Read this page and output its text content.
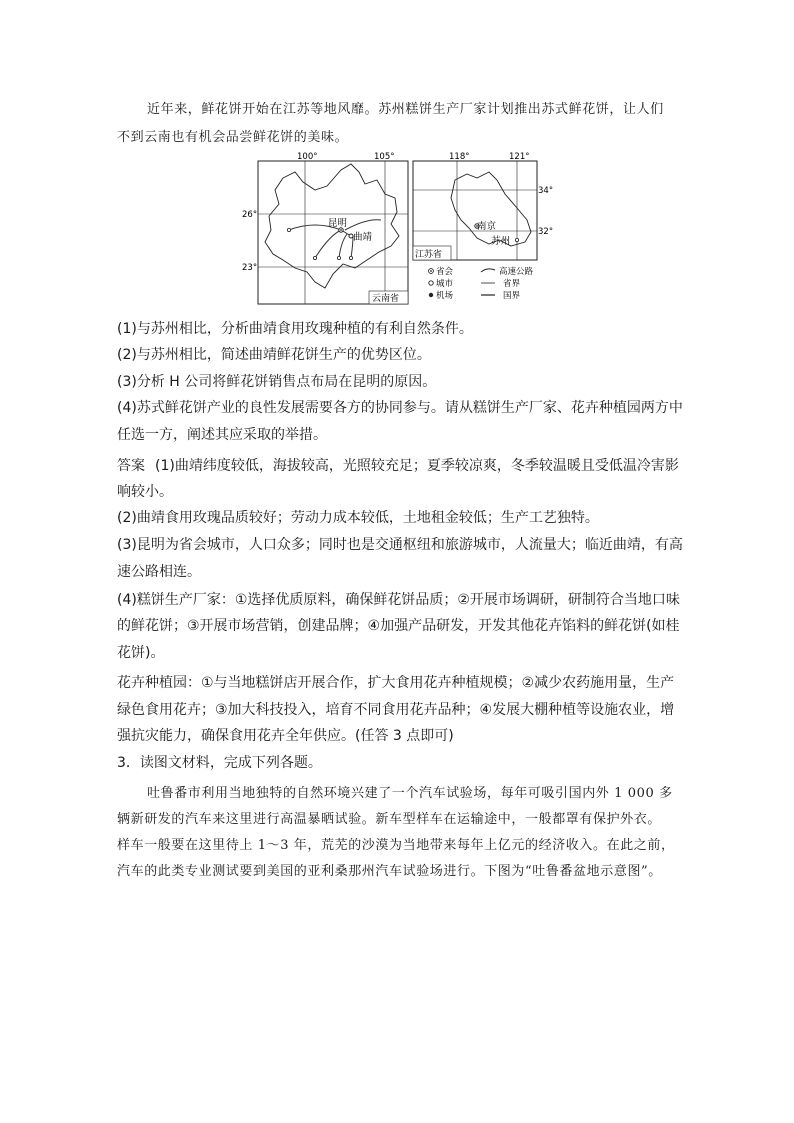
近年来，鲜花饼开始在江苏等地风靡。苏州糕饼生产厂家计划推出苏式鲜花饼，让人们
不到云南也有机会品尝鲜花饼的美味。
100°	105°
26°
23°
昆明
曲靖
云南省
118°	121°
34°
32°
南京
苏州
江苏省
省会
城市
机场
高速公路
省界
国界
(1)与苏州相比，分析曲靖食用玫瑰种植的有利自然条件。
(2)与苏州相比，简述曲靖鲜花饼生产的优势区位。
(3)分析 H 公司将鲜花饼销售点布局在昆明的原因。
(4)苏式鲜花饼产业的良性发展需要各方的协同参与。请从糕饼生产厂家、花卉种植园两方中
任选一方，阐述其应采取的举措。
答案 (1)曲靖纬度较低，海拔较高，光照较充足；夏季较凉爽，冬季较温暖且受低温冷害影
响较小。
(2)曲靖食用玫瑰品质较好；劳动力成本较低，土地租金较低；生产工艺独特。
(3)昆明为省会城市，人口众多；同时也是交通枢纽和旅游城市，人流量大；临近曲靖，有高
速公路相连。
(4)糕饼生产厂家：①选择优质原料，确保鲜花饼品质；②开展市场调研，研制符合当地口味
的鲜花饼；③开展市场营销，创建品牌；④加强产品研发，开发其他花卉馅料的鲜花饼(如桂
花饼)。
花卉种植园：①与当地糕饼店开展合作，扩大食用花卉种植规模；②减少农药施用量，生产
绿色食用花卉；③加大科技投入，培育不同食用花卉品种；④发展大棚种植等设施农业，增
强抗灾能力，确保食用花卉全年供应。(任答 3 点即可)
3．读图文材料，完成下列各题。
吐鲁番市利用当地独特的自然环境兴建了一个汽车试验场，每年可吸引国内外 1 000 多
辆新研发的汽车来这里进行高温暴晒试验。新车型样车在运输途中，一般都罩有保护外衣。
样车一般要在这里待上 1～3 年，荒芜的沙漠为当地带来每年上亿元的经济收入。在此之前，
汽车的此类专业测试要到美国的亚利桑那州汽车试验场进行。下图为“吐鲁番盆地示意图”。
